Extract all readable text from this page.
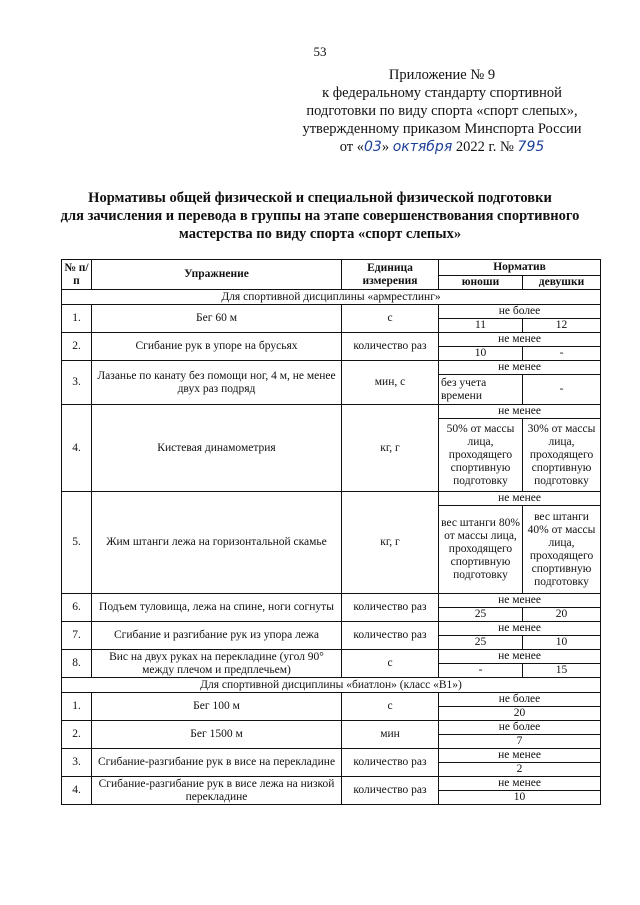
53
Приложение № 9
к федеральному стандарту спортивной
подготовки по виду спорта «спорт слепых»,
утвержденному приказом Минспорта России
от «03» октября 2022 г. № 795
Нормативы общей физической и специальной физической подготовки
для зачисления и перевода в группы на этапе совершенствования спортивного
мастерства по виду спорта «спорт слепых»
№ п/п	Упражнение	Единица измерения	Норматив	
			юноши	девушки
Для спортивной дисциплины «армрестлинг»				
1.	Бег 60 м	с	не более	
			11	12
2.	Сгибание рук в упоре на брусьях	количество раз	не менее	
			10	-
3.	Лазанье по канату без помощи ног, 4 м, не менее двух раз подряд	мин, с	не менее	
			без учета времени	-
4.	Кистевая динамометрия	кг, г	не менее	
			50% от массы лица, проходящего спортивную подготовку	30% от массы лица, проходящего спортивную подготовку
5.	Жим штанги лежа на горизонтальной скамье	кг, г	не менее	
			вес штанги 80% от массы лица, проходящего спортивную подготовку	вес штанги 40% от массы лица, проходящего спортивную подготовку
6.	Подъем туловища, лежа на спине, ноги согнуты	количество раз	не менее	
			25	20
7.	Сгибание и разгибание рук из упора лежа	количество раз	не менее	
			25	10
8.	Вис на двух руках на перекладине (угол 90° между плечом и предплечьем)	с	не менее	
			-	15
Для спортивной дисциплины «биатлон» (класс «B1»)				
1.	Бег 100 м	с	не более	
			20	
2.	Бег 1500 м	мин	не более	
			7	
3.	Сгибание-разгибание рук в висе на перекладине	количество раз	не менее	
			2	
4.	Сгибание-разгибание рук в висе лежа на низкой перекладине	количество раз	не менее	
			10	
